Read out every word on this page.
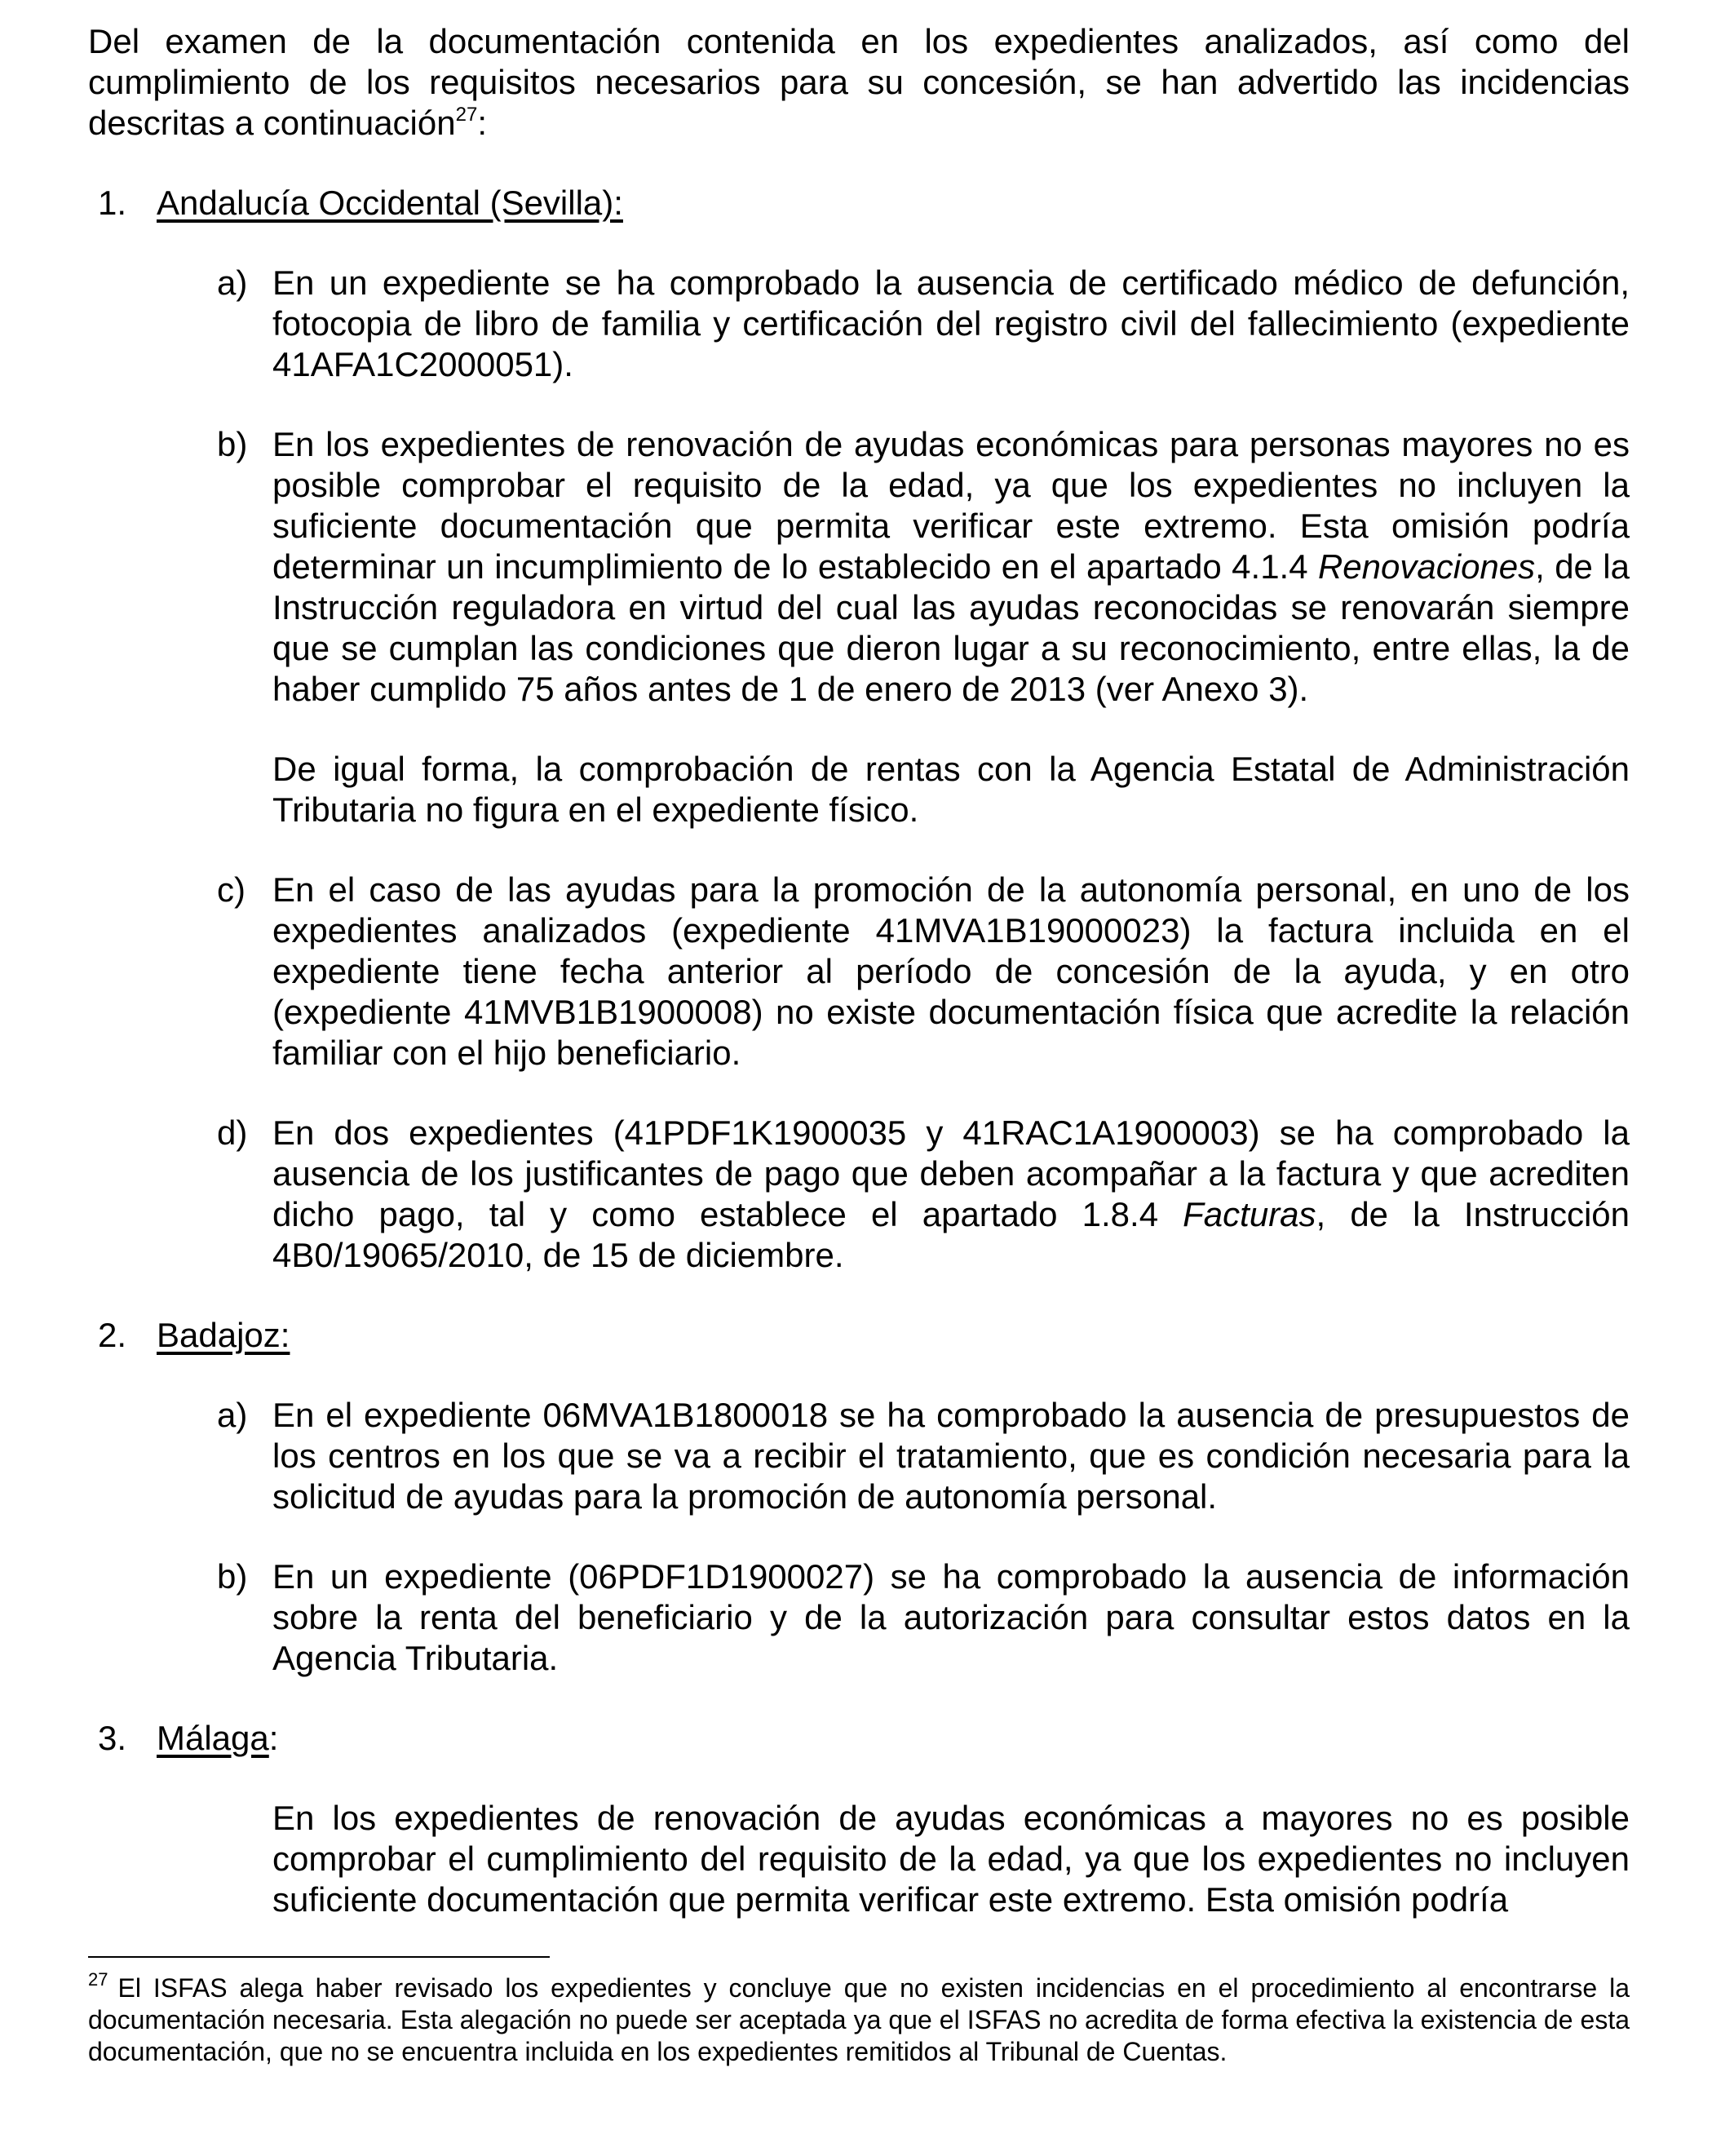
Del examen de la documentación contenida en los expedientes analizados, así como del cumplimiento de los requisitos necesarios para su concesión, se han advertido las incidencias descritas a continuación$^{27}$:

1. Andalucía Occidental (Sevilla):
a) En un expediente se ha comprobado la ausencia de certificado médico de defunción, fotocopia de libro de familia y certificación del registro civil del fallecimiento (expediente 41AFA1C2000051).

b) En los expedientes de renovación de ayudas económicas para personas mayores no es posible comprobar el requisito de la edad, ya que los expedientes no incluyen la suficiente documentación que permita verificar este extremo. Esta omisión podría determinar un incumplimiento de lo establecido en el apartado 4.1.4 Renovaciones, de la Instrucción reguladora en virtud del cual las ayudas reconocidas se renovarán siempre que se cumplan las condiciones que dieron lugar a su reconocimiento, entre ellas, la de haber cumplido 75 años antes de 1 de enero de 2013 (ver Anexo 3).

De igual forma, la comprobación de rentas con la Agencia Estatal de Administración Tributaria no figura en el expediente físico.

c) En el caso de las ayudas para la promoción de la autonomía personal, en uno de los expedientes analizados (expediente 41MVA1B19000023) la factura incluida en el expediente tiene fecha anterior al período de concesión de la ayuda, y en otro (expediente 41MVB1B1900008) no existe documentación física que acredite la relación familiar con el hijo beneficiario.

d) En dos expedientes (41PDF1K1900035 y 41RAC1A1900003) se ha comprobado la ausencia de los justificantes de pago que deben acompañar a la factura y que acrediten dicho pago, tal y como establece el apartado 1.8.4 Facturas, de la Instrucción 4B0/19065/2010, de 15 de diciembre.

2. Badajoz:
a) En el expediente 06MVA1B1800018 se ha comprobado la ausencia de presupuestos de los centros en los que se va a recibir el tratamiento, que es condición necesaria para la solicitud de ayudas para la promoción de autonomía personal.

b) En un expediente (06PDF1D1900027) se ha comprobado la ausencia de información sobre la renta del beneficiario y de la autorización para consultar estos datos en la Agencia Tributaria.

3. Málaga:

En los expedientes de renovación de ayudas económicas a mayores no es posible comprobar el cumplimiento del requisito de la edad, ya que los expedientes no incluyen suficiente documentación que permita verificar este extremo. Esta omisión podría

$^{27}$ El ISFAS alega haber revisado los expedientes y concluye que no existen incidencias en el procedimiento al encontrarse la documentación necesaria. Esta alegación no puede ser aceptada ya que el ISFAS no acredita de forma efectiva la existencia de esta documentación, que no se encuentra incluida en los expedientes remitidos al Tribunal de Cuentas.
